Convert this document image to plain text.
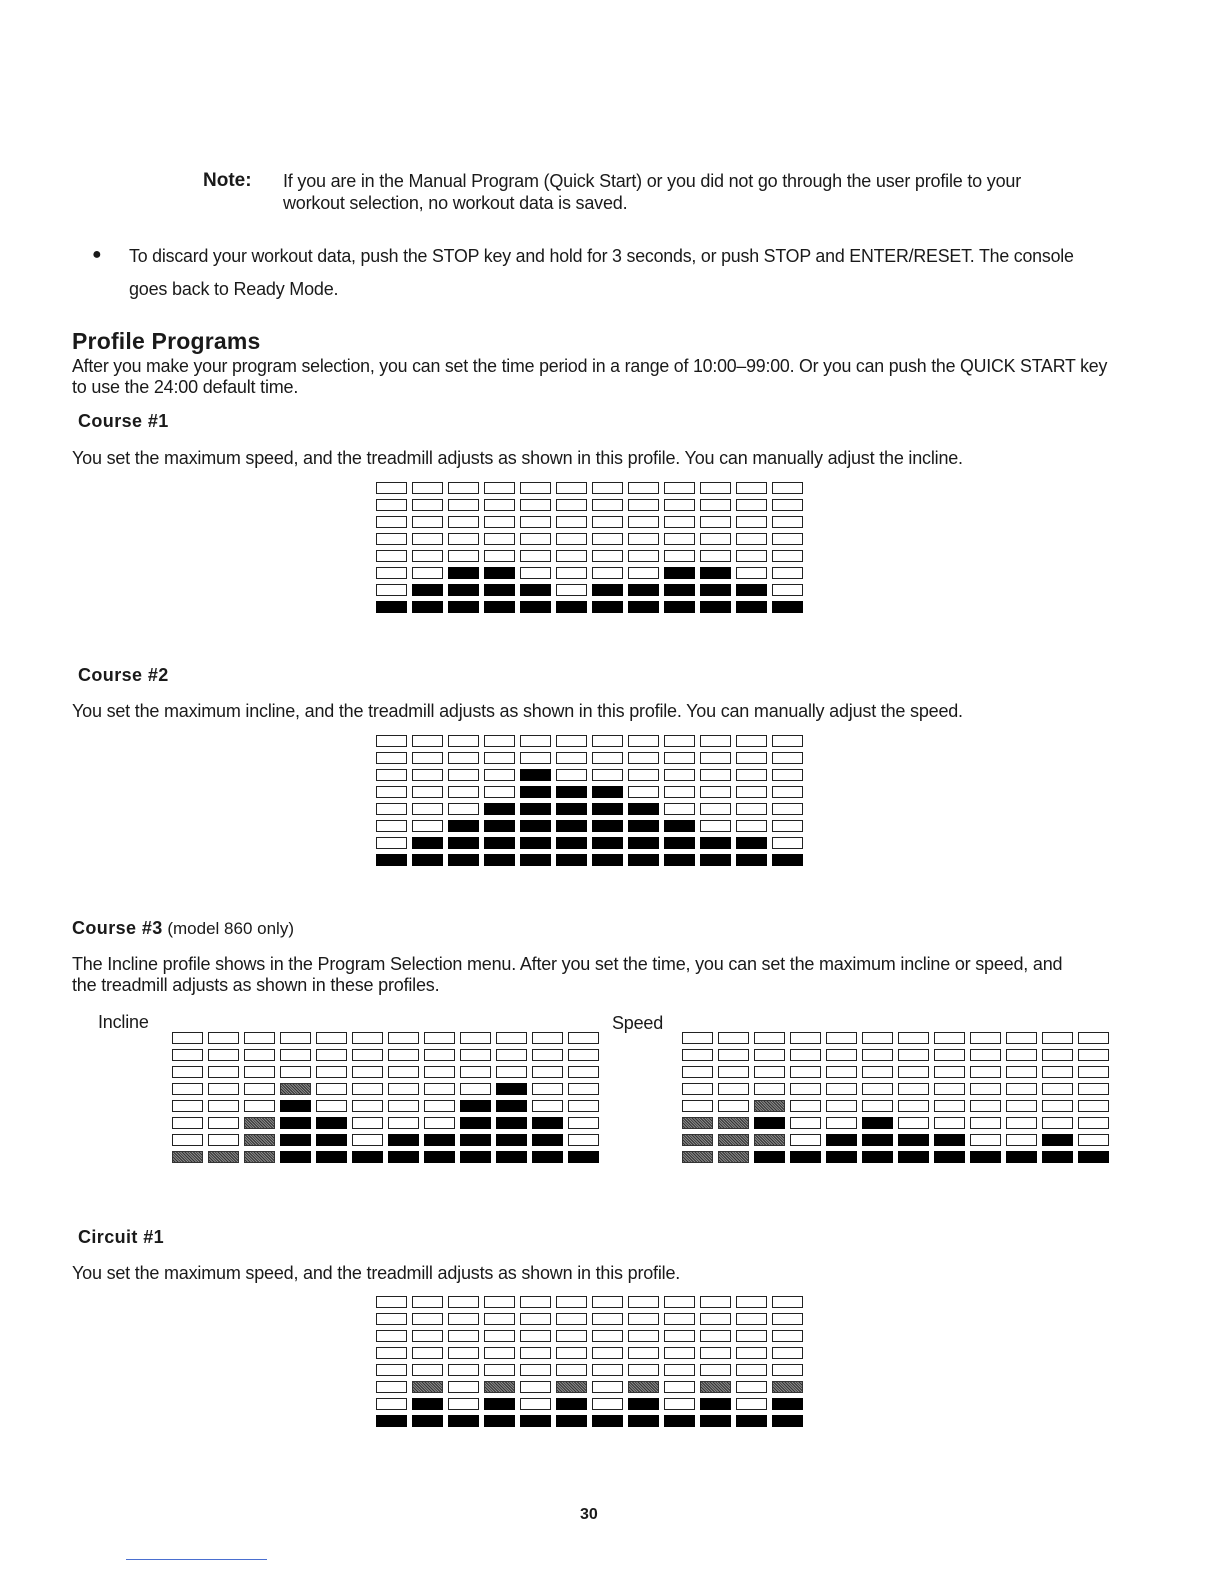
Note: If you are in the Manual Program (Quick Start) or you did not go through the user profile to your
workout selection, no workout data is saved.
● To discard your workout data, push the STOP key and hold for 3 seconds, or push STOP and ENTER/RESET. The console
goes back to Ready Mode.
Profile Programs
After you make your program selection, you can set the time period in a range of 10:00–99:00. Or you can push the QUICK START key
to use the 24:00 default time.
Course #1
You set the maximum speed, and the treadmill adjusts as shown in this profile. You can manually adjust the incline.
Course #2
You set the maximum incline, and the treadmill adjusts as shown in this profile. You can manually adjust the speed.
Course #3 (model 860 only)
The Incline profile shows in the Program Selection menu. After you set the time, you can set the maximum incline or speed, and
the treadmill adjusts as shown in these profiles.
Incline	Speed
Circuit #1
You set the maximum speed, and the treadmill adjusts as shown in this profile.
30
